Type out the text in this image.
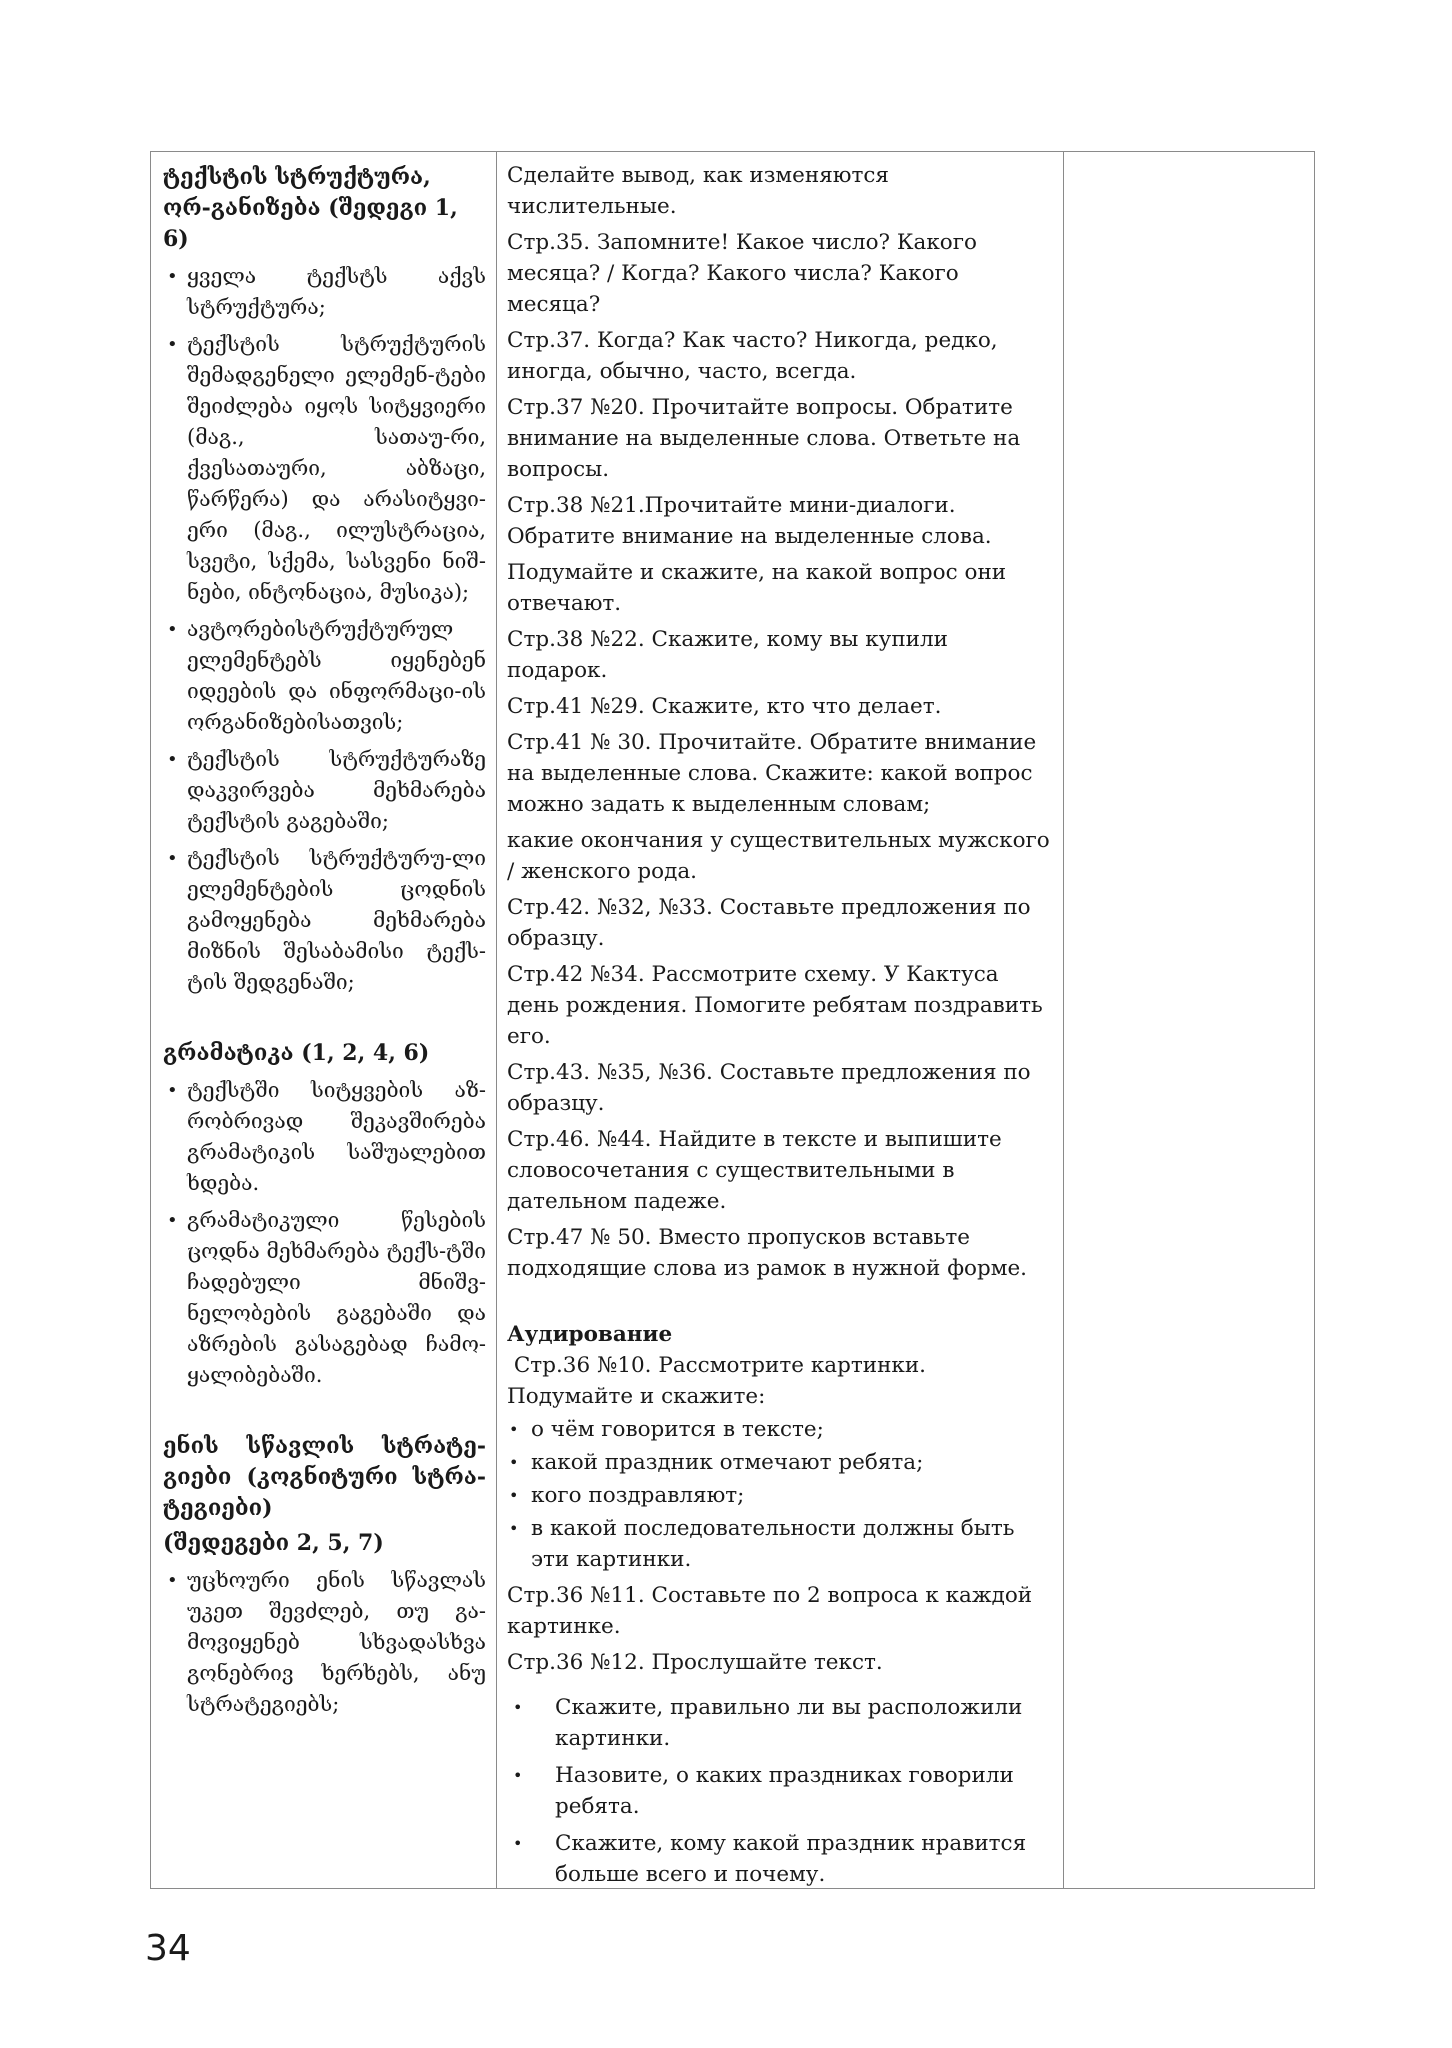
ტექსტის სტრუქტურა, ორ-განიზება (შედეგი 1, 6)

• ყველა ტექსტს აქვს სტრუქტურა;
• ტექსტის სტრუქტურის შემადგენელი ელემენ-ტები შეიძლება იყოს სიტყვიერი (მაგ., სათაუ-რი, ქვესათაური, აბზაცი, წარწერა) და არასიტყვი-ერი (მაგ., ილუსტრაცია, სვეტი, სქემა, სასვენი ნიშ-ნები, ინტონაცია, მუსიკა);
• ავტორებისტრუქტურულ ელემენტებს იყენებენ იდეების და ინფორმაცი-ის ორგანიზებისათვის;
• ტექსტის სტრუქტურაზე დაკვირვება მეხმარება ტექსტის გაგებაში;
• ტექსტის სტრუქტურუ-ლი ელემენტების ცოდნის გამოყენება მეხმარება მიზნის შესაბამისი ტექს-ტის შედგენაში;

გრამატიკა (1, 2, 4, 6)

• ტექსტში სიტყვების აზ-რობრივად შეკავშირება გრამატიკის საშუალებით ხდება.
• გრამატიკული წესების ცოდნა მეხმარება ტექს-ტში ჩადებული მნიშვ-ნელობების გაგებაში და აზრების გასაგებად ჩამო-ყალიბებაში.

ენის სწავლის სტრატე-გიები (კოგნიტური სტრა-ტეგიები)

(შედეგები 2, 5, 7)

• უცხოური ენის სწავლას უკეთ შევძლებ, თუ გა-მოვიყენებ სხვადასხვა გონებრივ ხერხებს, ანუ სტრატეგიებს;

Сделайте вывод, как изменяются числительные.

Стр.35. Запомните! Какое число? Какого месяца? / Когда? Какого числа? Какого месяца?

Стр.37. Когда? Как часто? Никогда, редко, иногда, обычно, часто, всегда.

Стр.37 №20. Прочитайте вопросы. Обратите внимание на выделенные слова. Ответьте на вопросы.

Стр.38 №21.Прочитайте мини-диалоги. Обратите внимание на выделенные слова.

Подумайте и скажите, на какой вопрос они отвечают.

Стр.38 №22. Скажите, кому вы купили подарок.

Стр.41 №29. Скажите, кто что делает.

Стр.41 № 30. Прочитайте. Обратите внимание на выделенные слова. Скажите: какой вопрос можно задать к выделенным словам;

какие окончания у существительных мужского / женского рода.

Стр.42. №32, №33. Составьте предложения по образцу.

Стр.42 №34. Рассмотрите схему. У Кактуса день рождения. Помогите ребятам поздравить его.

Стр.43. №35, №36. Составьте предложения по образцу.

Стр.46. №44. Найдите в тексте и выпишите словосочетания с существительными в дательном падеже.

Стр.47 № 50. Вместо пропусков вставьте подходящие слова из рамок в нужной форме.

Аудирование

Стр.36 №10. Рассмотрите картинки. Подумайте и скажите:

• о чём говорится в тексте;
• какой праздник отмечают ребята;
• кого поздравляют;
• в какой последовательности должны быть эти картинки.

Стр.36 №11. Составьте по 2 вопроса к каждой картинке.

Стр.36 №12. Прослушайте текст.

• Скажите, правильно ли вы расположили картинки.
• Назовите, о каких праздниках говорили ребята.
• Скажите, кому какой праздник нравится больше всего и почему.
34
